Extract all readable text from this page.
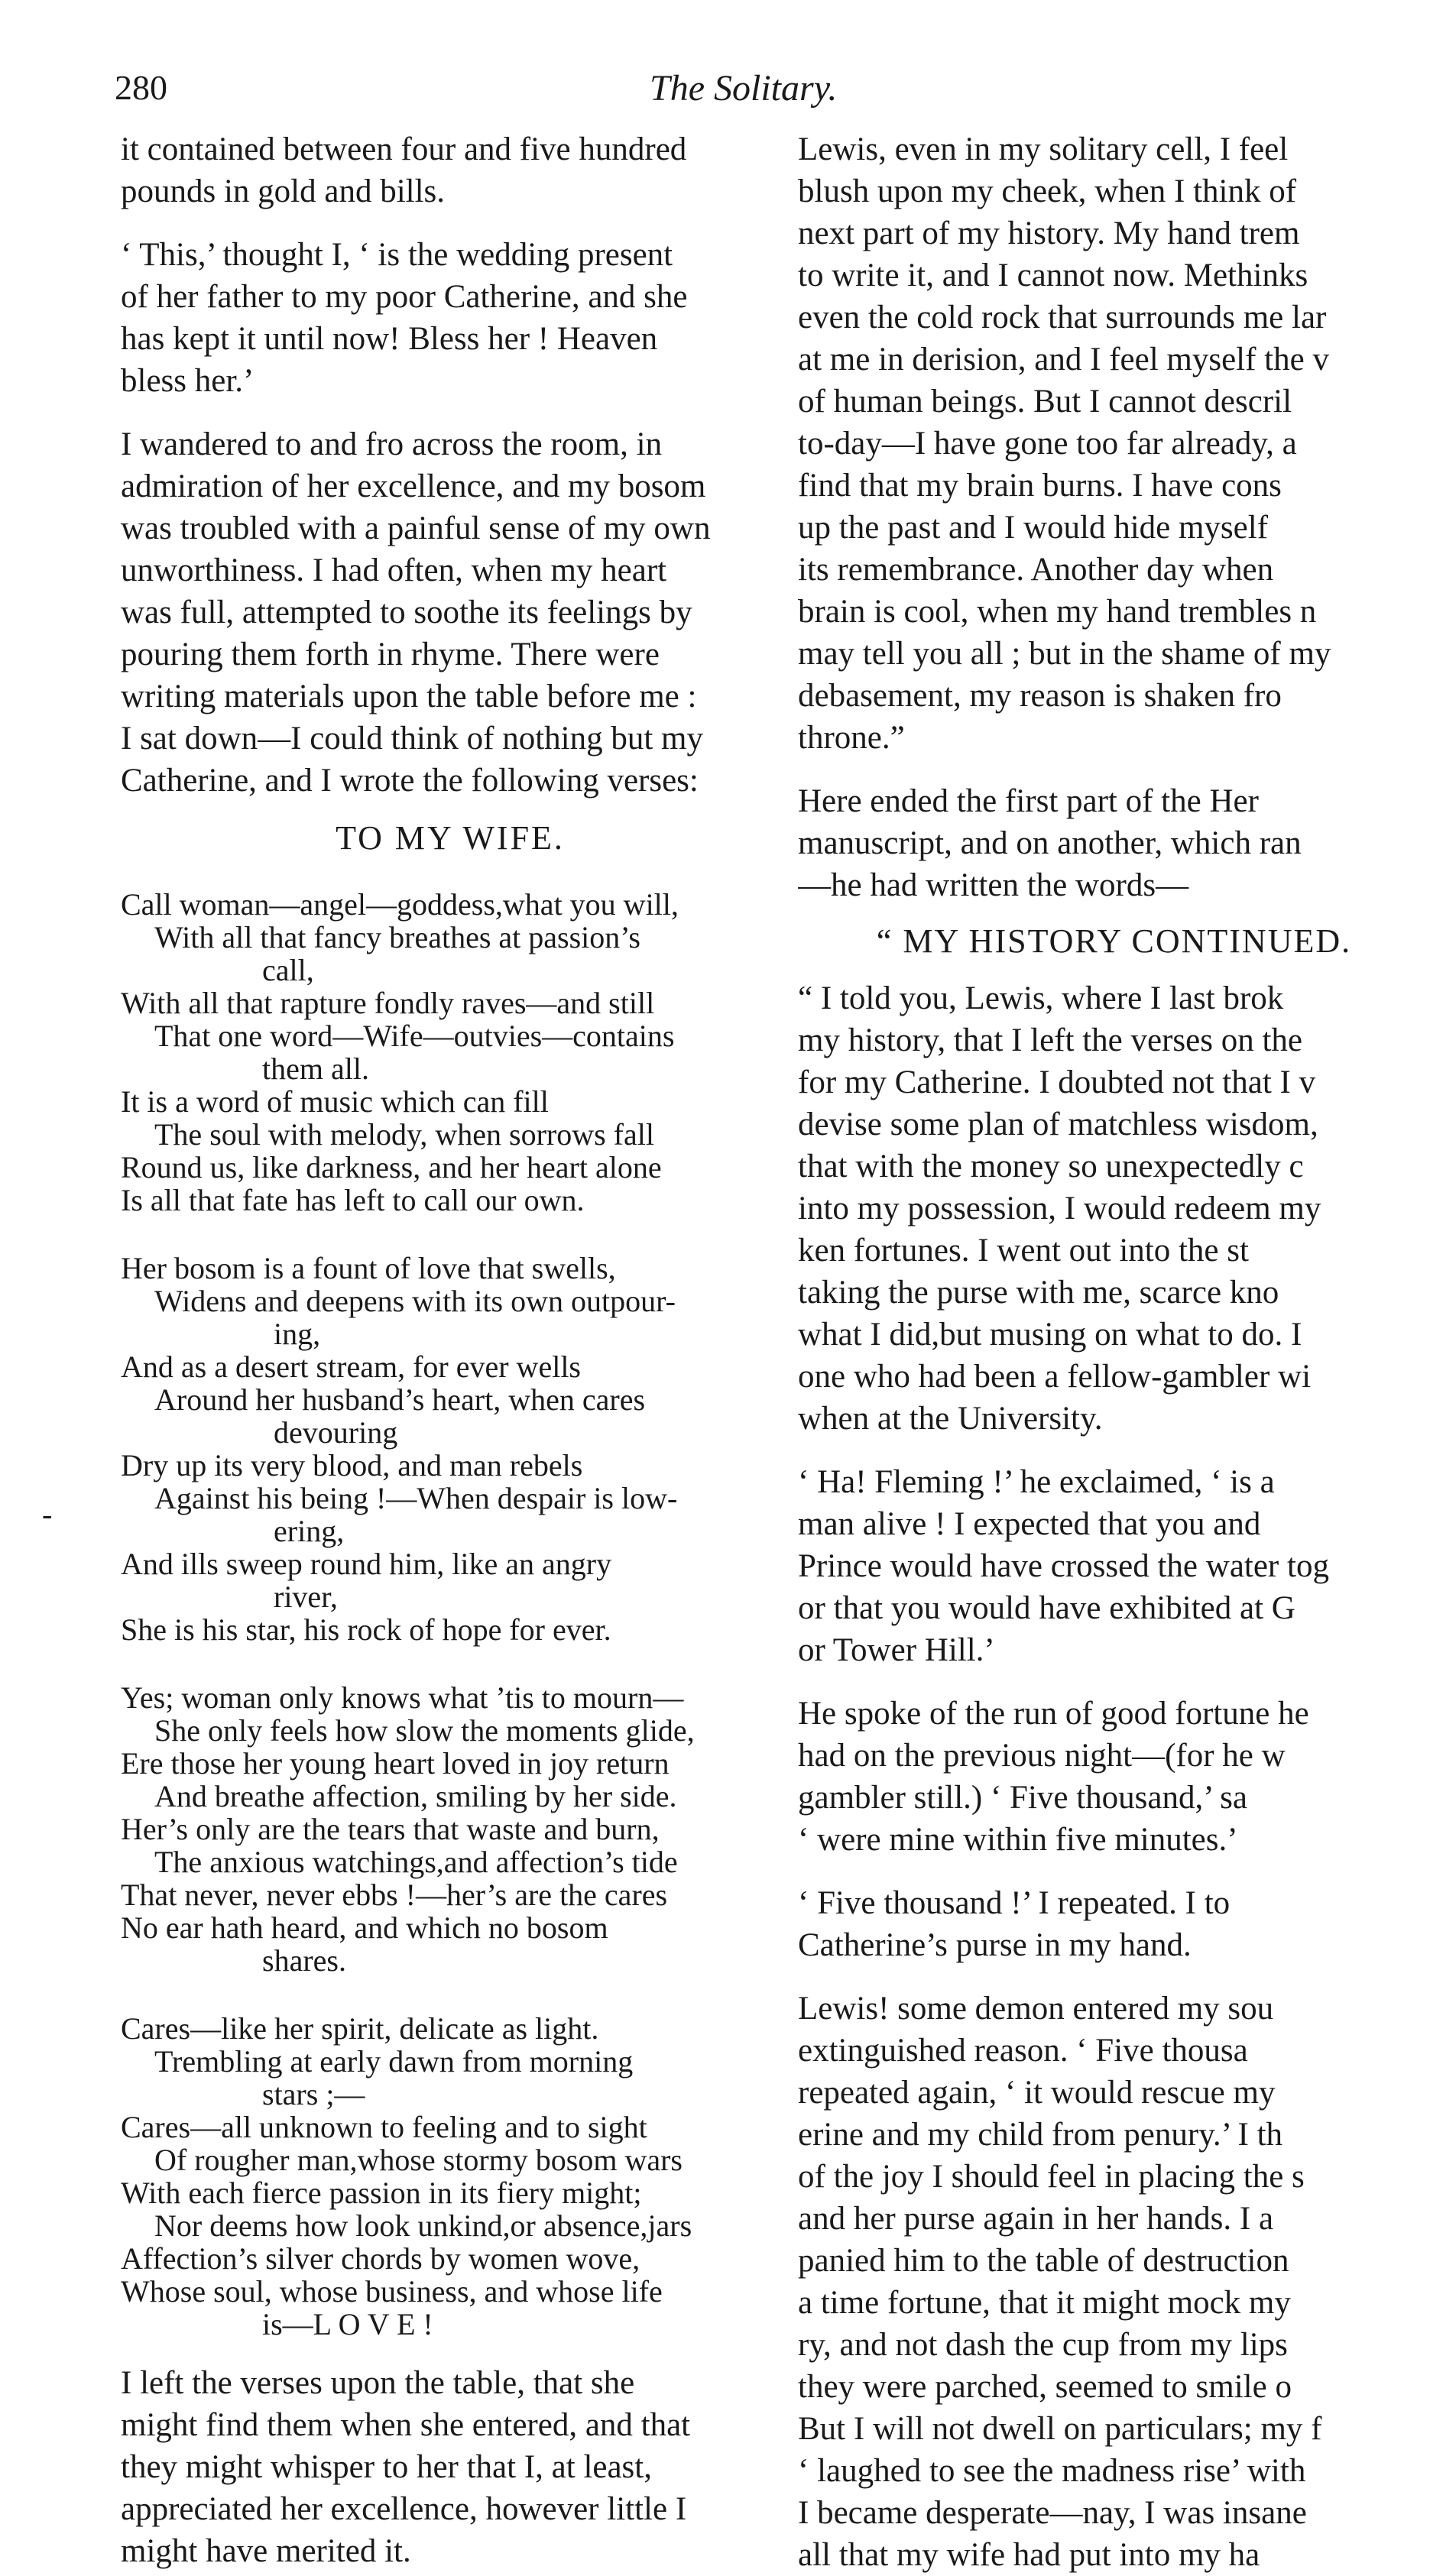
280	The Solitary.
‐
it contained between four and five hundred
pounds in gold and bills.
‘ This,’ thought I, ‘ is the wedding present
of her father to my poor Catherine, and she
has kept it until now! Bless her ! Heaven
bless her.’
I wandered to and fro across the room, in
admiration of her excellence, and my bosom
was troubled with a painful sense of my own
unworthiness. I had often, when my heart
was full, attempted to soothe its feelings by
pouring them forth in rhyme. There were
writing materials upon the table before me :
I sat down—I could think of nothing but my
Catherine, and I wrote the following verses:
TO MY WIFE.
Call woman—angel—goddess,what you will,
With all that fancy breathes at passion’s
call,
With all that rapture fondly raves—and still
That one word—Wife—outvies—contains
them all.
It is a word of music which can fill
The soul with melody, when sorrows fall
Round us, like darkness, and her heart alone
Is all that fate has left to call our own.
Her bosom is a fount of love that swells,
Widens and deepens with its own outpour-
ing,
And as a desert stream, for ever wells
Around her husband’s heart, when cares
devouring
Dry up its very blood, and man rebels
Against his being !—When despair is low-
ering,
And ills sweep round him, like an angry
river,
She is his star, his rock of hope for ever.
Yes; woman only knows what ’tis to mourn—
She only feels how slow the moments glide,
Ere those her young heart loved in joy return
And breathe affection, smiling by her side.
Her’s only are the tears that waste and burn,
The anxious watchings,and affection’s tide
That never, never ebbs !—her’s are the cares
No ear hath heard, and which no bosom
shares.
Cares—like her spirit, delicate as light.
Trembling at early dawn from morning
stars ;—
Cares—all unknown to feeling and to sight
Of rougher man,whose stormy bosom wars
With each fierce passion in its fiery might;
Nor deems how look unkind,or absence,jars
Affection’s silver chords by women wove,
Whose soul, whose business, and whose life
is—L O V E !
I left the verses upon the table, that she
might find them when she entered, and that
they might whisper to her that I, at least,
appreciated her excellence, however little I
might have merited it.
Lewis, even in my solitary cell, I feel
blush upon my cheek, when I think of
next part of my history. My hand trem
to write it, and I cannot now. Methinks
even the cold rock that surrounds me lar
at me in derision, and I feel myself the v
of human beings. But I cannot descril
to-day—I have gone too far already, a
find that my brain burns. I have cons
up the past and I would hide myself
its remembrance. Another day when
brain is cool, when my hand trembles n
may tell you all ; but in the shame of my
debasement, my reason is shaken fro
throne.”
Here ended the first part of the Her
manuscript, and on another, which ran
—he had written the words—
“ MY HISTORY CONTINUED.
“ I told you, Lewis, where I last brok
my history, that I left the verses on the
for my Catherine. I doubted not that I v
devise some plan of matchless wisdom,
that with the money so unexpectedly c
into my possession, I would redeem my
ken fortunes. I went out into the st
taking the purse with me, scarce kno
what I did,but musing on what to do. I
one who had been a fellow-gambler wi
when at the University.
‘ Ha! Fleming !’ he exclaimed, ‘ is a
man alive ! I expected that you and
Prince would have crossed the water tog
or that you would have exhibited at G
or Tower Hill.’
He spoke of the run of good fortune he
had on the previous night—(for he w
gambler still.) ‘ Five thousand,’ sa
‘ were mine within five minutes.’
‘ Five thousand !’ I repeated. I to
Catherine’s purse in my hand.
Lewis! some demon entered my sou
extinguished reason. ‘ Five thousa
repeated again, ‘ it would rescue my
erine and my child from penury.’ I th
of the joy I should feel in placing the s
and her purse again in her hands. I a
panied him to the table of destruction
a time fortune, that it might mock my
ry, and not dash the cup from my lips
they were parched, seemed to smile o
But I will not dwell on particulars; my f
‘ laughed to see the madness rise’ with
I became desperate—nay, I was insane
all that my wife had put into my ha
